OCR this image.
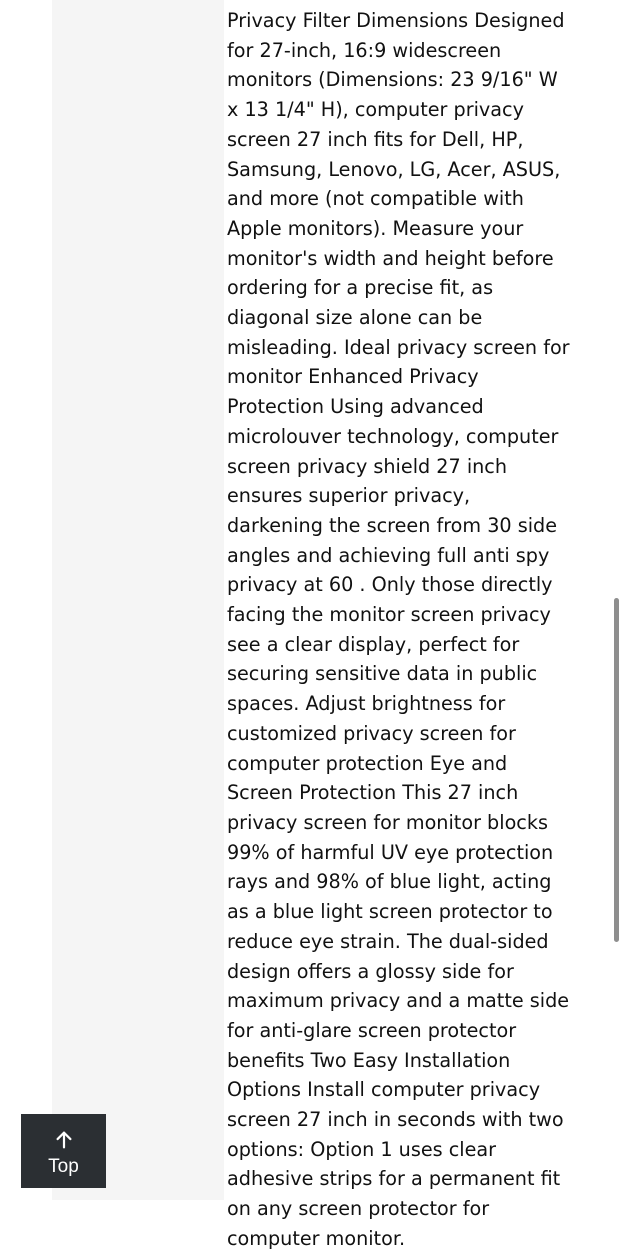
Privacy Filter Dimensions Designed for 27-inch, 16:9 widescreen monitors (Dimensions: 23 9/16" W x 13 1/4" H), computer privacy screen 27 inch fits for Dell, HP, Samsung, Lenovo, LG, Acer, ASUS, and more (not compatible with Apple monitors). Measure your monitor's width and height before ordering for a precise fit, as diagonal size alone can be misleading. Ideal privacy screen for monitor Enhanced Privacy Protection Using advanced microlouver technology, computer screen privacy shield 27 inch ensures superior privacy, darkening the screen from 30 side angles and achieving full anti spy privacy at 60 . Only those directly facing the monitor screen privacy see a clear display, perfect for securing sensitive data in public spaces. Adjust brightness for customized privacy screen for computer protection Eye and Screen Protection This 27 inch privacy screen for monitor blocks 99% of harmful UV eye protection rays and 98% of blue light, acting as a blue light screen protector to reduce eye strain. The dual-sided design offers a glossy side for maximum privacy and a matte side for anti-glare screen protector benefits Two Easy Installation Options Install computer privacy screen 27 inch in seconds with two options: Option 1 uses clear adhesive strips for a permanent fit on any screen protector for computer monitor.

Top
